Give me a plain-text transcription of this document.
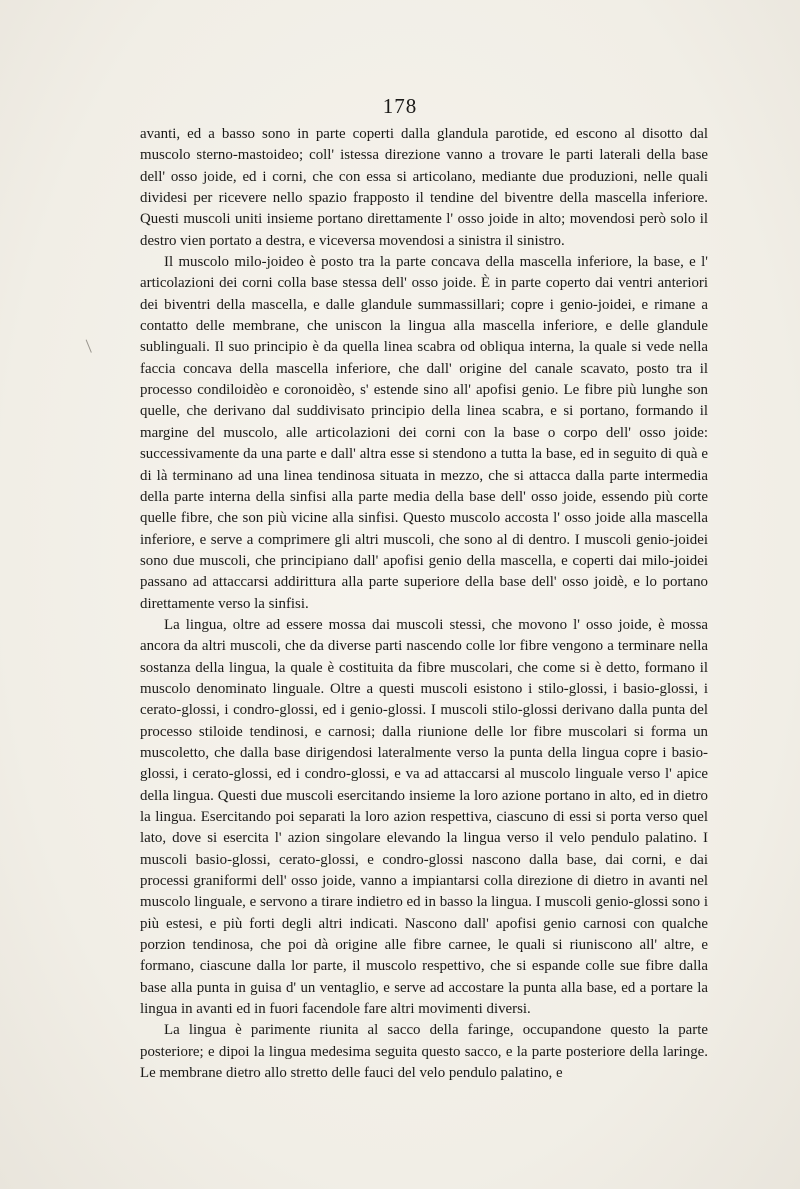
178

avanti, ed a basso sono in parte coperti dalla glandula parotide, ed escono al disotto dal muscolo sterno-mastoideo; coll' istessa direzione vanno a trovare le parti laterali della base dell' osso joide, ed i corni, che con essa si articolano, mediante due produzioni, nelle quali dividesi per ricevere nello spazio frapposto il tendine del biventre della mascella inferiore. Questi muscoli uniti insieme portano direttamente l' osso joide in alto; movendosi però solo il destro vien portato a destra, e viceversa movendosi a sinistra il sinistro.

Il muscolo milo-joideo è posto tra la parte concava della mascella inferiore, la base, e l' articolazioni dei corni colla base stessa dell' osso joide. È in parte coperto dai ventri anteriori dei biventri della mascella, e dalle glandule summassillari; copre i genio-joidei, e rimane a contatto delle membrane, che uniscon la lingua alla mascella inferiore, e delle glandule sublinguali. Il suo principio è da quella linea scabra od obliqua interna, la quale si vede nella faccia concava della mascella inferiore, che dall' origine del canale scavato, posto tra il processo condiloidèo e coronoidèo, s' estende sino all' apofisi genio. Le fibre più lunghe son quelle, che derivano dal suddivisato principio della linea scabra, e si portano, formando il margine del muscolo, alle articolazioni dei corni con la base o corpo dell' osso joide: successivamente da una parte e dall' altra esse si stendono a tutta la base, ed in seguito di quà e di là terminano ad una linea tendinosa situata in mezzo, che si attacca dalla parte intermedia della parte interna della sinfisi alla parte media della base dell' osso joide, essendo più corte quelle fibre, che son più vicine alla sinfisi. Questo muscolo accosta l' osso joide alla mascella inferiore, e serve a comprimere gli altri muscoli, che sono al di dentro. I muscoli genio-joidei sono due muscoli, che principiano dall' apofisi genio della mascella, e coperti dai milo-joidei passano ad attaccarsi addirittura alla parte superiore della base dell' osso joidè, e lo portano direttamente verso la sinfisi.

La lingua, oltre ad essere mossa dai muscoli stessi, che movono l' osso joide, è mossa ancora da altri muscoli, che da diverse parti nascendo colle lor fibre vengono a terminare nella sostanza della lingua, la quale è costituita da fibre muscolari, che come si è detto, formano il muscolo denominato linguale. Oltre a questi muscoli esistono i stilo-glossi, i basio-glossi, i cerato-glossi, i condro-glossi, ed i genio-glossi. I muscoli stilo-glossi derivano dalla punta del processo stiloide tendinosi, e carnosi; dalla riunione delle lor fibre muscolari si forma un muscoletto, che dalla base dirigendosi lateralmente verso la punta della lingua copre i basio-glossi, i cerato-glossi, ed i condro-glossi, e va ad attaccarsi al muscolo linguale verso l' apice della lingua. Questi due muscoli esercitando insieme la loro azione portano in alto, ed in dietro la lingua. Esercitando poi separati la loro azion respettiva, ciascuno di essi si porta verso quel lato, dove si esercita l' azion singolare elevando la lingua verso il velo pendulo palatino. I muscoli basio-glossi, cerato-glossi, e condro-glossi nascono dalla base, dai corni, e dai processi graniformi dell' osso joide, vanno a impiantarsi colla direzione di dietro in avanti nel muscolo linguale, e servono a tirare indietro ed in basso la lingua. I muscoli genio-glossi sono i più estesi, e più forti degli altri indicati. Nascono dall' apofisi genio carnosi con qualche porzion tendinosa, che poi dà origine alle fibre carnee, le quali si riuniscono all' altre, e formano, ciascune dalla lor parte, il muscolo respettivo, che si espande colle sue fibre dalla base alla punta in guisa d' un ventaglio, e serve ad accostare la punta alla base, ed a portare la lingua in avanti ed in fuori facendole fare altri movimenti diversi.

La lingua è parimente riunita al sacco della faringe, occupandone questo la parte posteriore; e dipoi la lingua medesima seguita questo sacco, e la parte posteriore della laringe. Le membrane dietro allo stretto delle fauci del velo pendulo palatino, e
